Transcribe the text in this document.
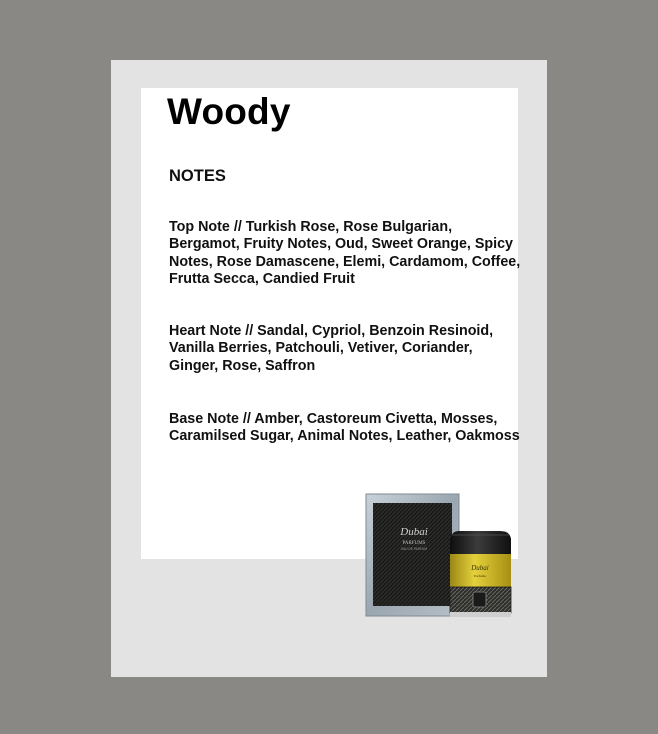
Woody
NOTES

Top Note // Turkish Rose, Rose Bulgarian, Bergamot, Fruity Notes, Oud, Sweet Orange, Spicy Notes, Rose Damascene, Elemi, Cardamom, Coffee, Frutta Secca, Candied Fruit

Heart Note // Sandal, Cypriol, Benzoin Resinoid, Vanilla Berries, Patchouli, Vetiver, Coriander, Ginger, Rose, Saffron

Base Note // Amber, Castoreum Civetta, Mosses, Caramilsed Sugar, Animal Notes, Leather, Oakmoss

Dubai
PARFUMS
EAU DE PARFUM
Dubai
Parfums
